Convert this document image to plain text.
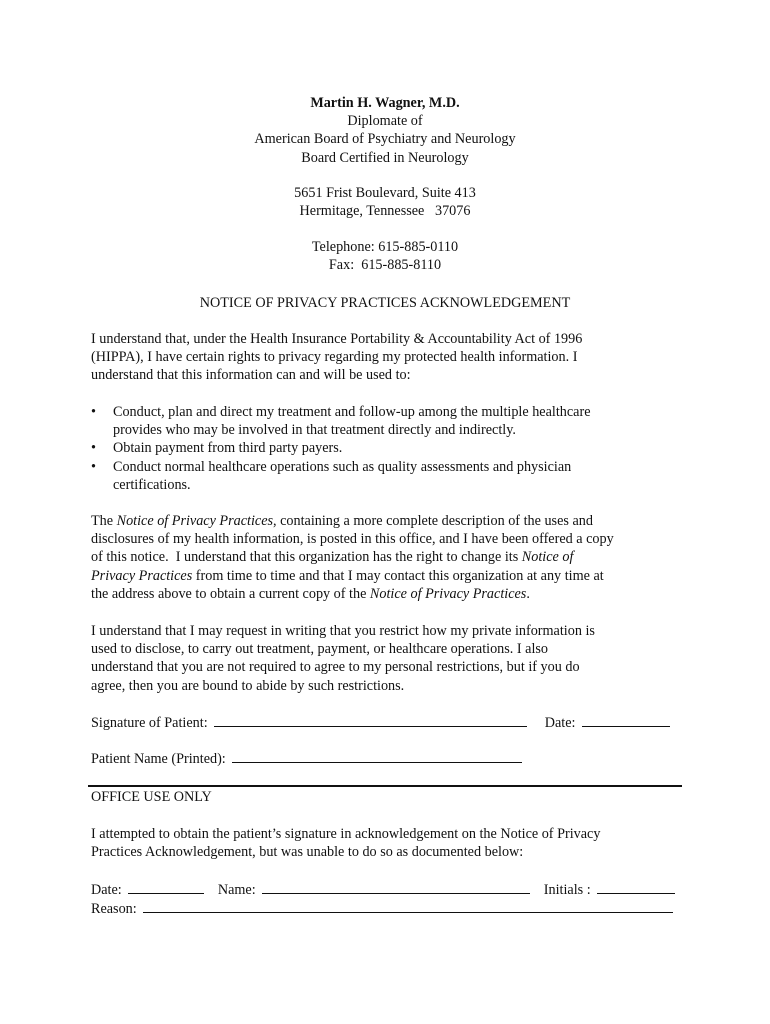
Martin H. Wagner, M.D.
Diplomate of
American Board of Psychiatry and Neurology
Board Certified in Neurology
5651 Frist Boulevard, Suite 413
Hermitage, Tennessee   37076
Telephone: 615-885-0110
Fax:  615-885-8110
NOTICE OF PRIVACY PRACTICES ACKNOWLEDGEMENT
I understand that, under the Health Insurance Portability & Accountability Act of 1996
(HIPPA), I have certain rights to privacy regarding my protected health information. I
understand that this information can and will be used to:
• Conduct, plan and direct my treatment and follow-up among the multiple healthcare
provides who may be involved in that treatment directly and indirectly.
• Obtain payment from third party payers.
• Conduct normal healthcare operations such as quality assessments and physician
certifications.
The Notice of Privacy Practices, containing a more complete description of the uses and
disclosures of my health information, is posted in this office, and I have been offered a copy
of this notice.  I understand that this organization has the right to change its Notice of
Privacy Practices from time to time and that I may contact this organization at any time at
the address above to obtain a current copy of the Notice of Privacy Practices.
I understand that I may request in writing that you restrict how my private information is
used to disclose, to carry out treatment, payment, or healthcare operations. I also
understand that you are not required to agree to my personal restrictions, but if you do
agree, then you are bound to abide by such restrictions.
Signature of Patient:	Date:
Patient Name (Printed):
OFFICE USE ONLY
I attempted to obtain the patient’s signature in acknowledgement on the Notice of Privacy
Practices Acknowledgement, but was unable to do so as documented below:
Date:	Name:	Initials :
Reason:
